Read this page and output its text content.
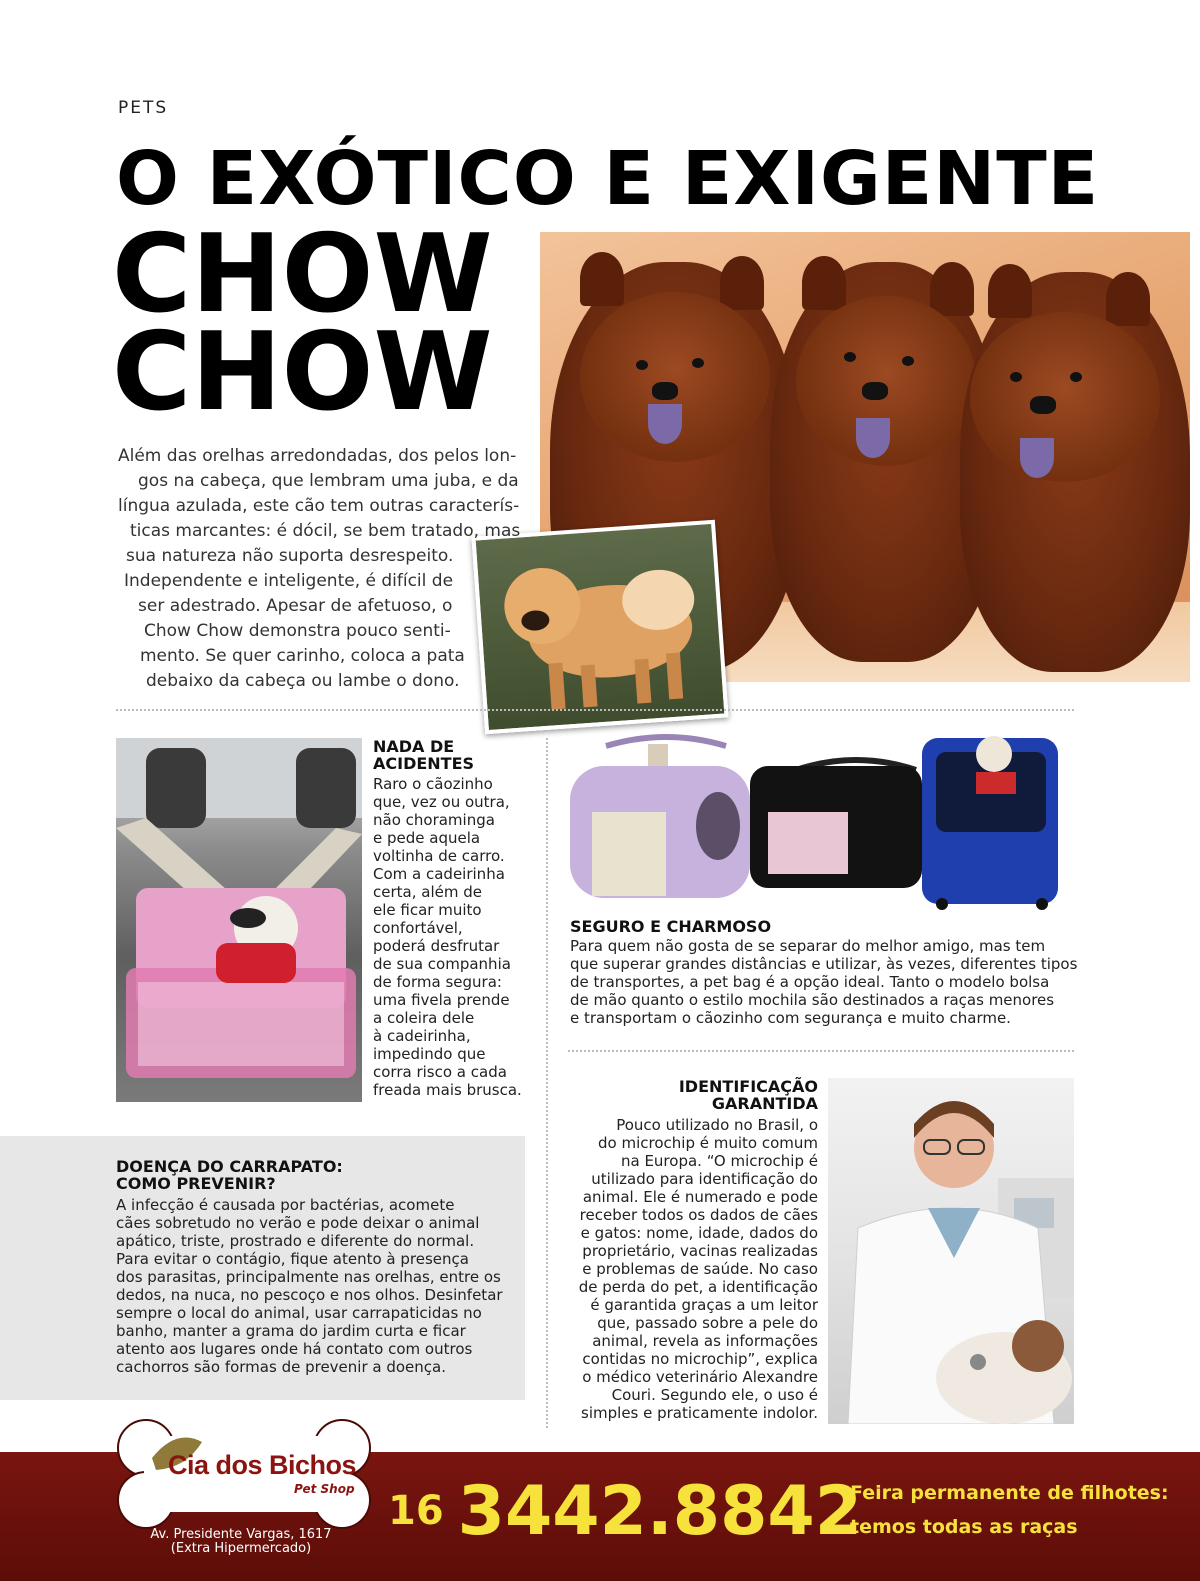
PETS
O EXÓTICO E EXIGENTE
CHOW
CHOW
Além das orelhas arredondadas, dos pelos lon-
gos na cabeça, que lembram uma juba, e da
língua azulada, este cão tem outras caracterís-
ticas marcantes: é dócil, se bem tratado, mas
sua natureza não suporta desrespeito.
Independente e inteligente, é difícil de
ser adestrado. Apesar de afetuoso, o
Chow Chow demonstra pouco senti-
mento. Se quer carinho, coloca a pata
debaixo da cabeça ou lambe o dono.
NADA DE
ACIDENTES
Raro o cãozinho
que, vez ou outra,
não choraminga
e pede aquela
voltinha de carro.
Com a cadeirinha
certa, além de
ele ficar muito
confortável,
poderá desfrutar
de sua companhia
de forma segura:
uma fivela prende
a coleira dele
à cadeirinha,
impedindo que
corra risco a cada
freada mais brusca.
SEGURO E CHARMOSO
Para quem não gosta de se separar do melhor amigo, mas tem
que superar grandes distâncias e utilizar, às vezes, diferentes tipos
de transportes, a pet bag é a opção ideal. Tanto o modelo bolsa
de mão quanto o estilo mochila são destinados a raças menores
e transportam o cãozinho com segurança e muito charme.
DOENÇA DO CARRAPATO:
COMO PREVENIR?
A infecção é causada por bactérias, acomete
cães sobretudo no verão e pode deixar o animal
apático, triste, prostrado e diferente do normal.
Para evitar o contágio, fique atento à presença
dos parasitas, principalmente nas orelhas, entre os
dedos, na nuca, no pescoço e nos olhos. Desinfetar
sempre o local do animal, usar carrapaticidas no
banho, manter a grama do jardim curta e ficar
atento aos lugares onde há contato com outros
cachorros são formas de prevenir a doença.
IDENTIFICAÇÃO
GARANTIDA
Pouco utilizado no Brasil, o
do microchip é muito comum
na Europa. “O microchip é
utilizado para identificação do
animal. Ele é numerado e pode
receber todos os dados de cães
e gatos: nome, idade, dados do
proprietário, vacinas realizadas
e problemas de saúde. No caso
de perda do pet, a identificação
é garantida graças a um leitor
que, passado sobre a pele do
animal, revela as informações
contidas no microchip”, explica
o médico veterinário Alexandre
Couri. Segundo ele, o uso é
simples e praticamente indolor.
Cia dos Bichos
Pet Shop
Av. Presidente Vargas, 1617
(Extra Hipermercado)
16 3442.8842
Feira permanente de filhotes:
temos todas as raças
